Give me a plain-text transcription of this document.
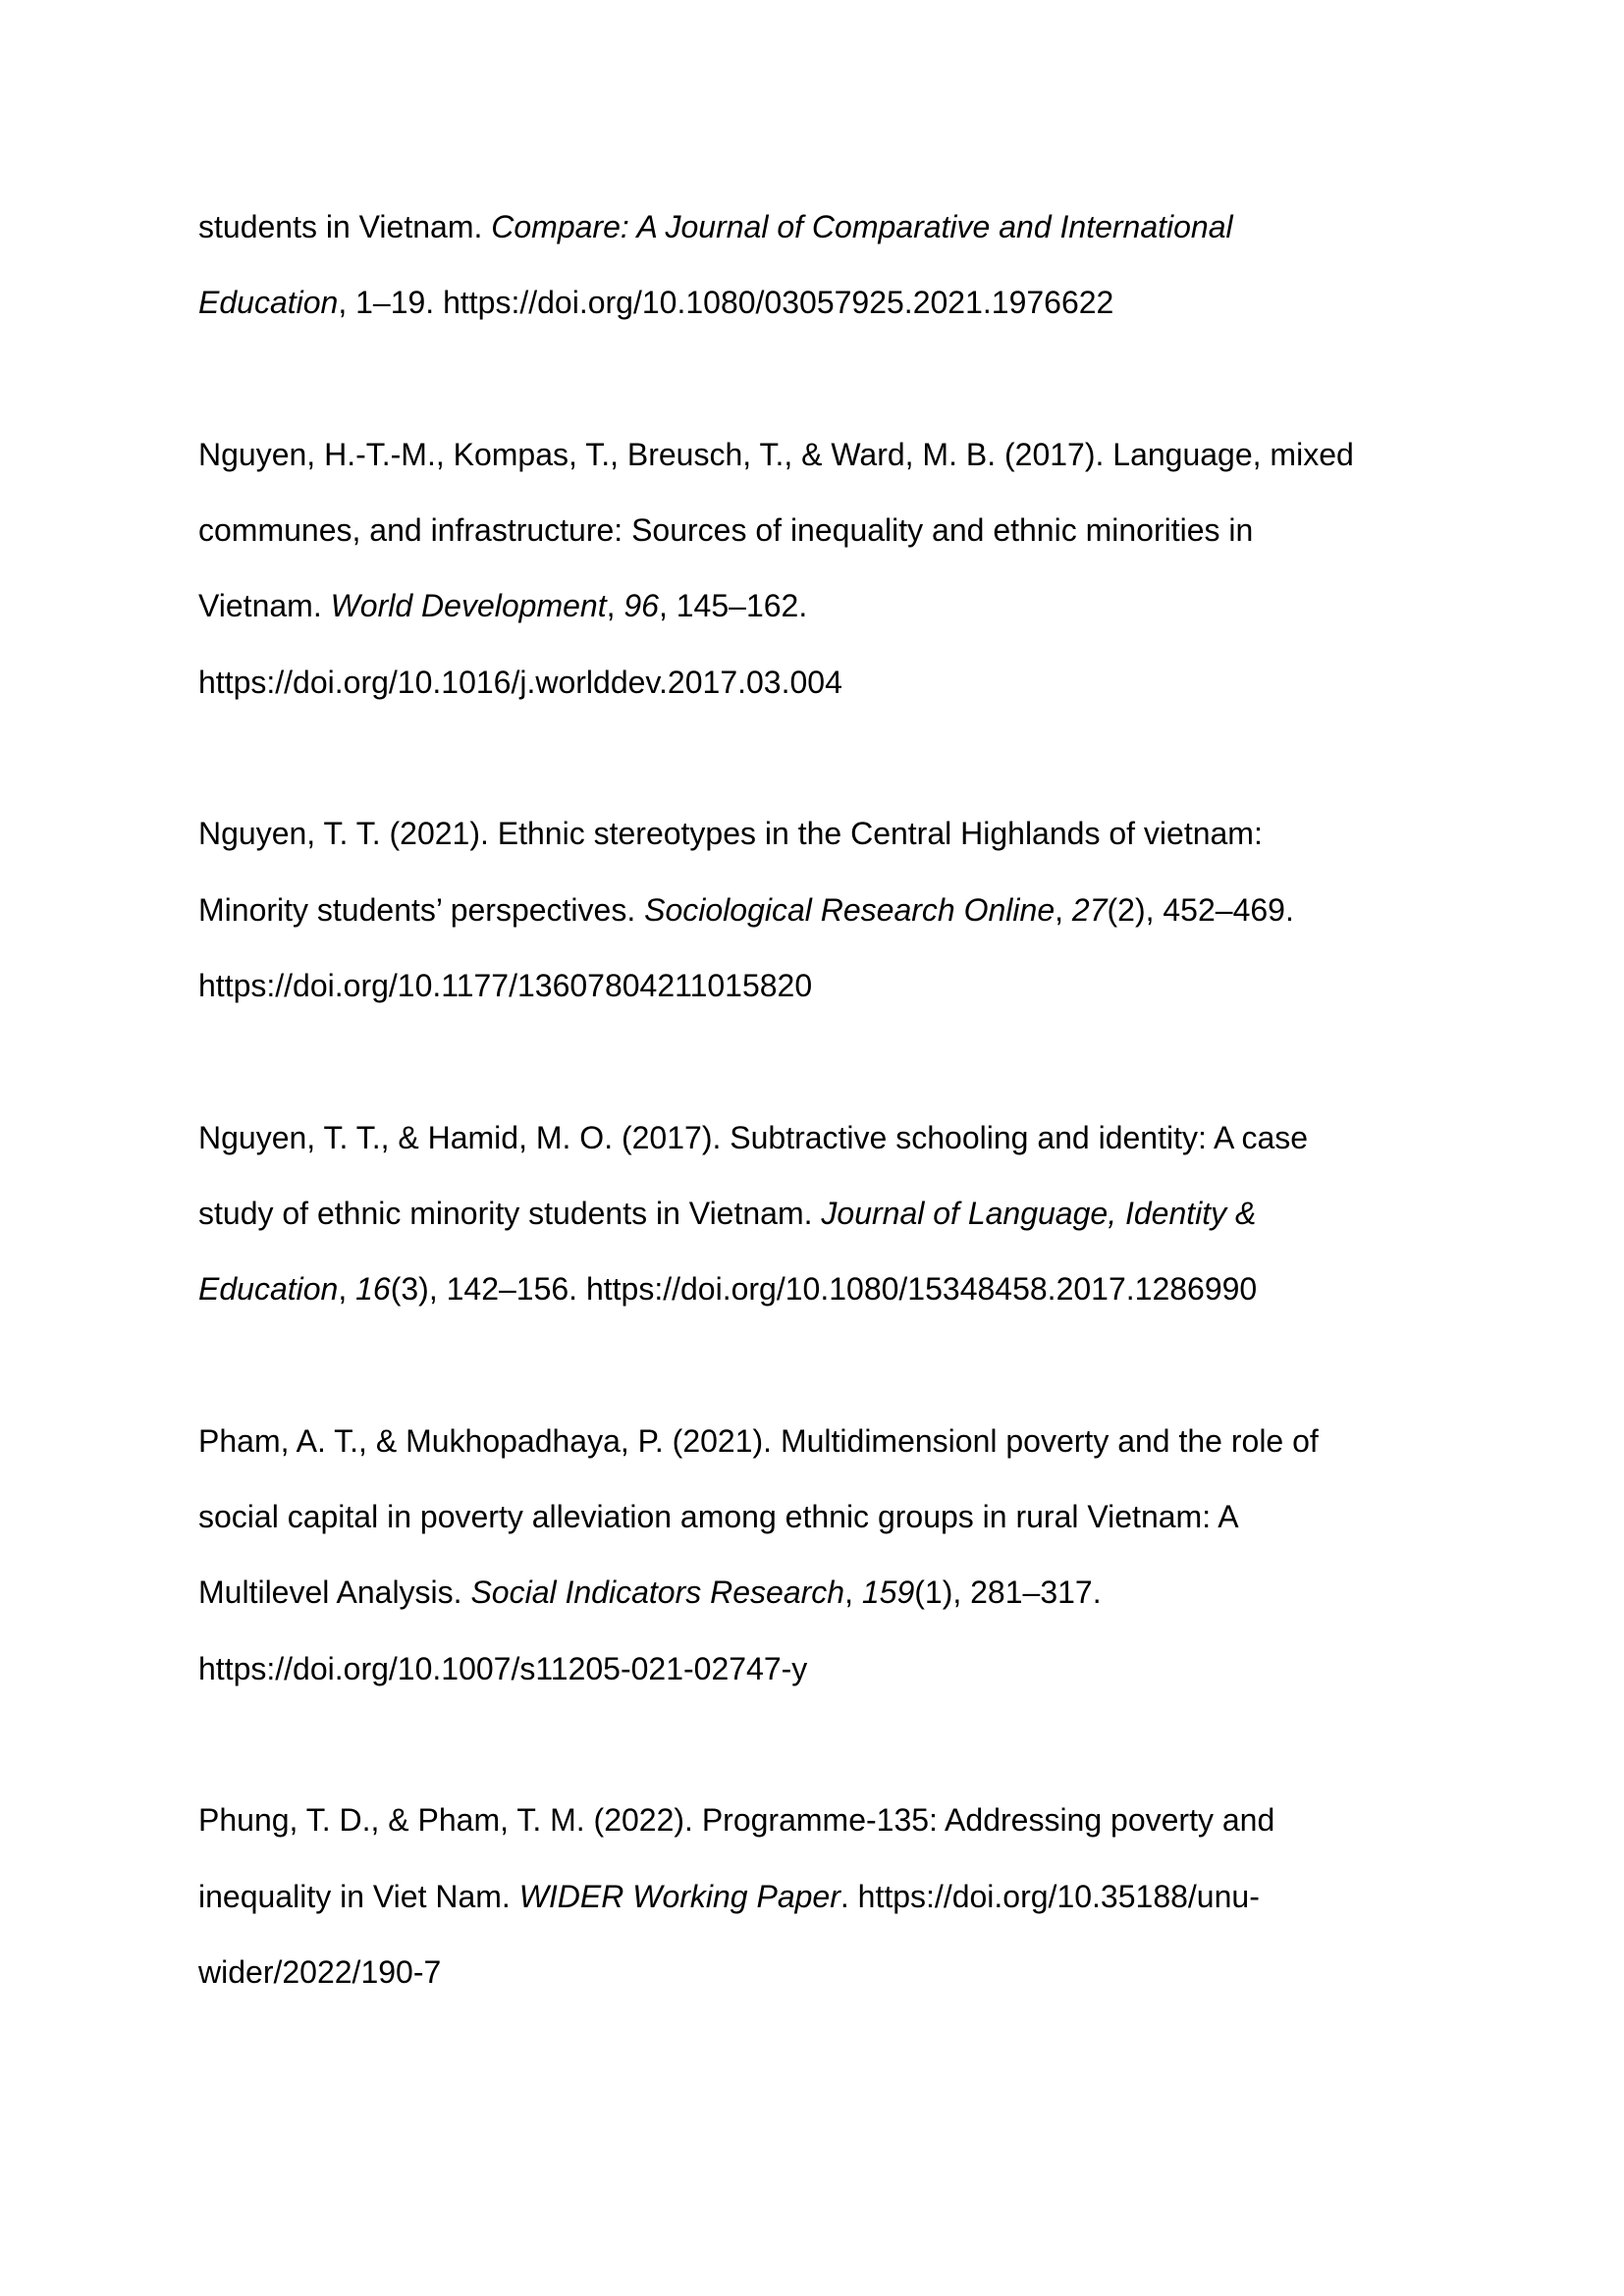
students in Vietnam. Compare: A Journal of Comparative and International
Education, 1–19. https://doi.org/10.1080/03057925.2021.1976622
Nguyen, H.-T.-M., Kompas, T., Breusch, T., & Ward, M. B. (2017). Language, mixed
communes, and infrastructure: Sources of inequality and ethnic minorities in
Vietnam. World Development, 96, 145–162.
https://doi.org/10.1016/j.worlddev.2017.03.004
Nguyen, T. T. (2021). Ethnic stereotypes in the Central Highlands of vietnam:
Minority students’ perspectives. Sociological Research Online, 27(2), 452–469.
https://doi.org/10.1177/13607804211015820
Nguyen, T. T., & Hamid, M. O. (2017). Subtractive schooling and identity: A case
study of ethnic minority students in Vietnam. Journal of Language, Identity &
Education, 16(3), 142–156. https://doi.org/10.1080/15348458.2017.1286990
Pham, A. T., & Mukhopadhaya, P. (2021). Multidimensionl poverty and the role of
social capital in poverty alleviation among ethnic groups in rural Vietnam: A
Multilevel Analysis. Social Indicators Research, 159(1), 281–317.
https://doi.org/10.1007/s11205-021-02747-y
Phung, T. D., & Pham, T. M. (2022). Programme-135: Addressing poverty and
inequality in Viet Nam. WIDER Working Paper. https://doi.org/10.35188/unu-
wider/2022/190-7
